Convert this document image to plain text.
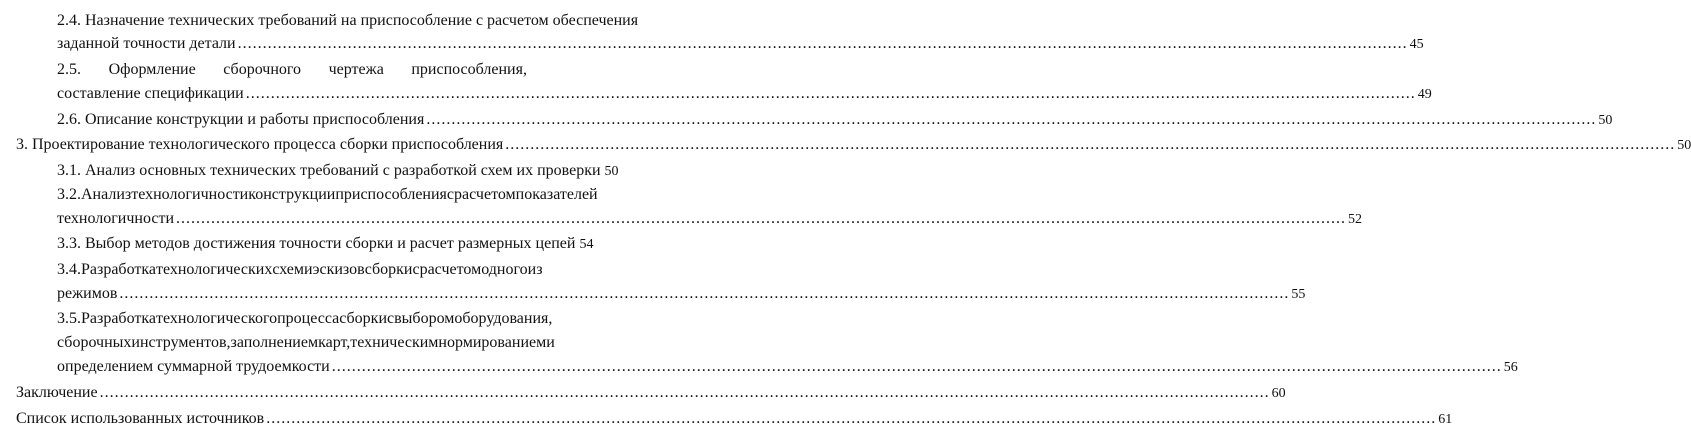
2.4. Назначение технических требований на приспособление с расчетом обеспечения
заданной точности детали .....	45
2.5. Оформление сборочного чертежа приспособления,
составление спецификации .....	49
2.6. Описание конструкции и работы приспособления .....	50
3. Проектирование технологического процесса сборки приспособления .....	50
3.1. Анализ основных технических требований с разработкой схем их проверки 50
3.2. Анализ технологичности конструкции приспособления с расчетом показателей
технологичности .....	52
3.3. Выбор методов достижения точности сборки и расчет размерных цепей 54
3.4. Разработка технологических схем и эскизов сборки с расчетом одного из
режимов .....	55
3.5. Разработка технологического процесса сборки с выбором оборудования,
сборочных инструментов, заполнением карт, техническим нормированием и
определением суммарной трудоемкости .....	56
Заключение .....	60
Список использованных источников .....	61
